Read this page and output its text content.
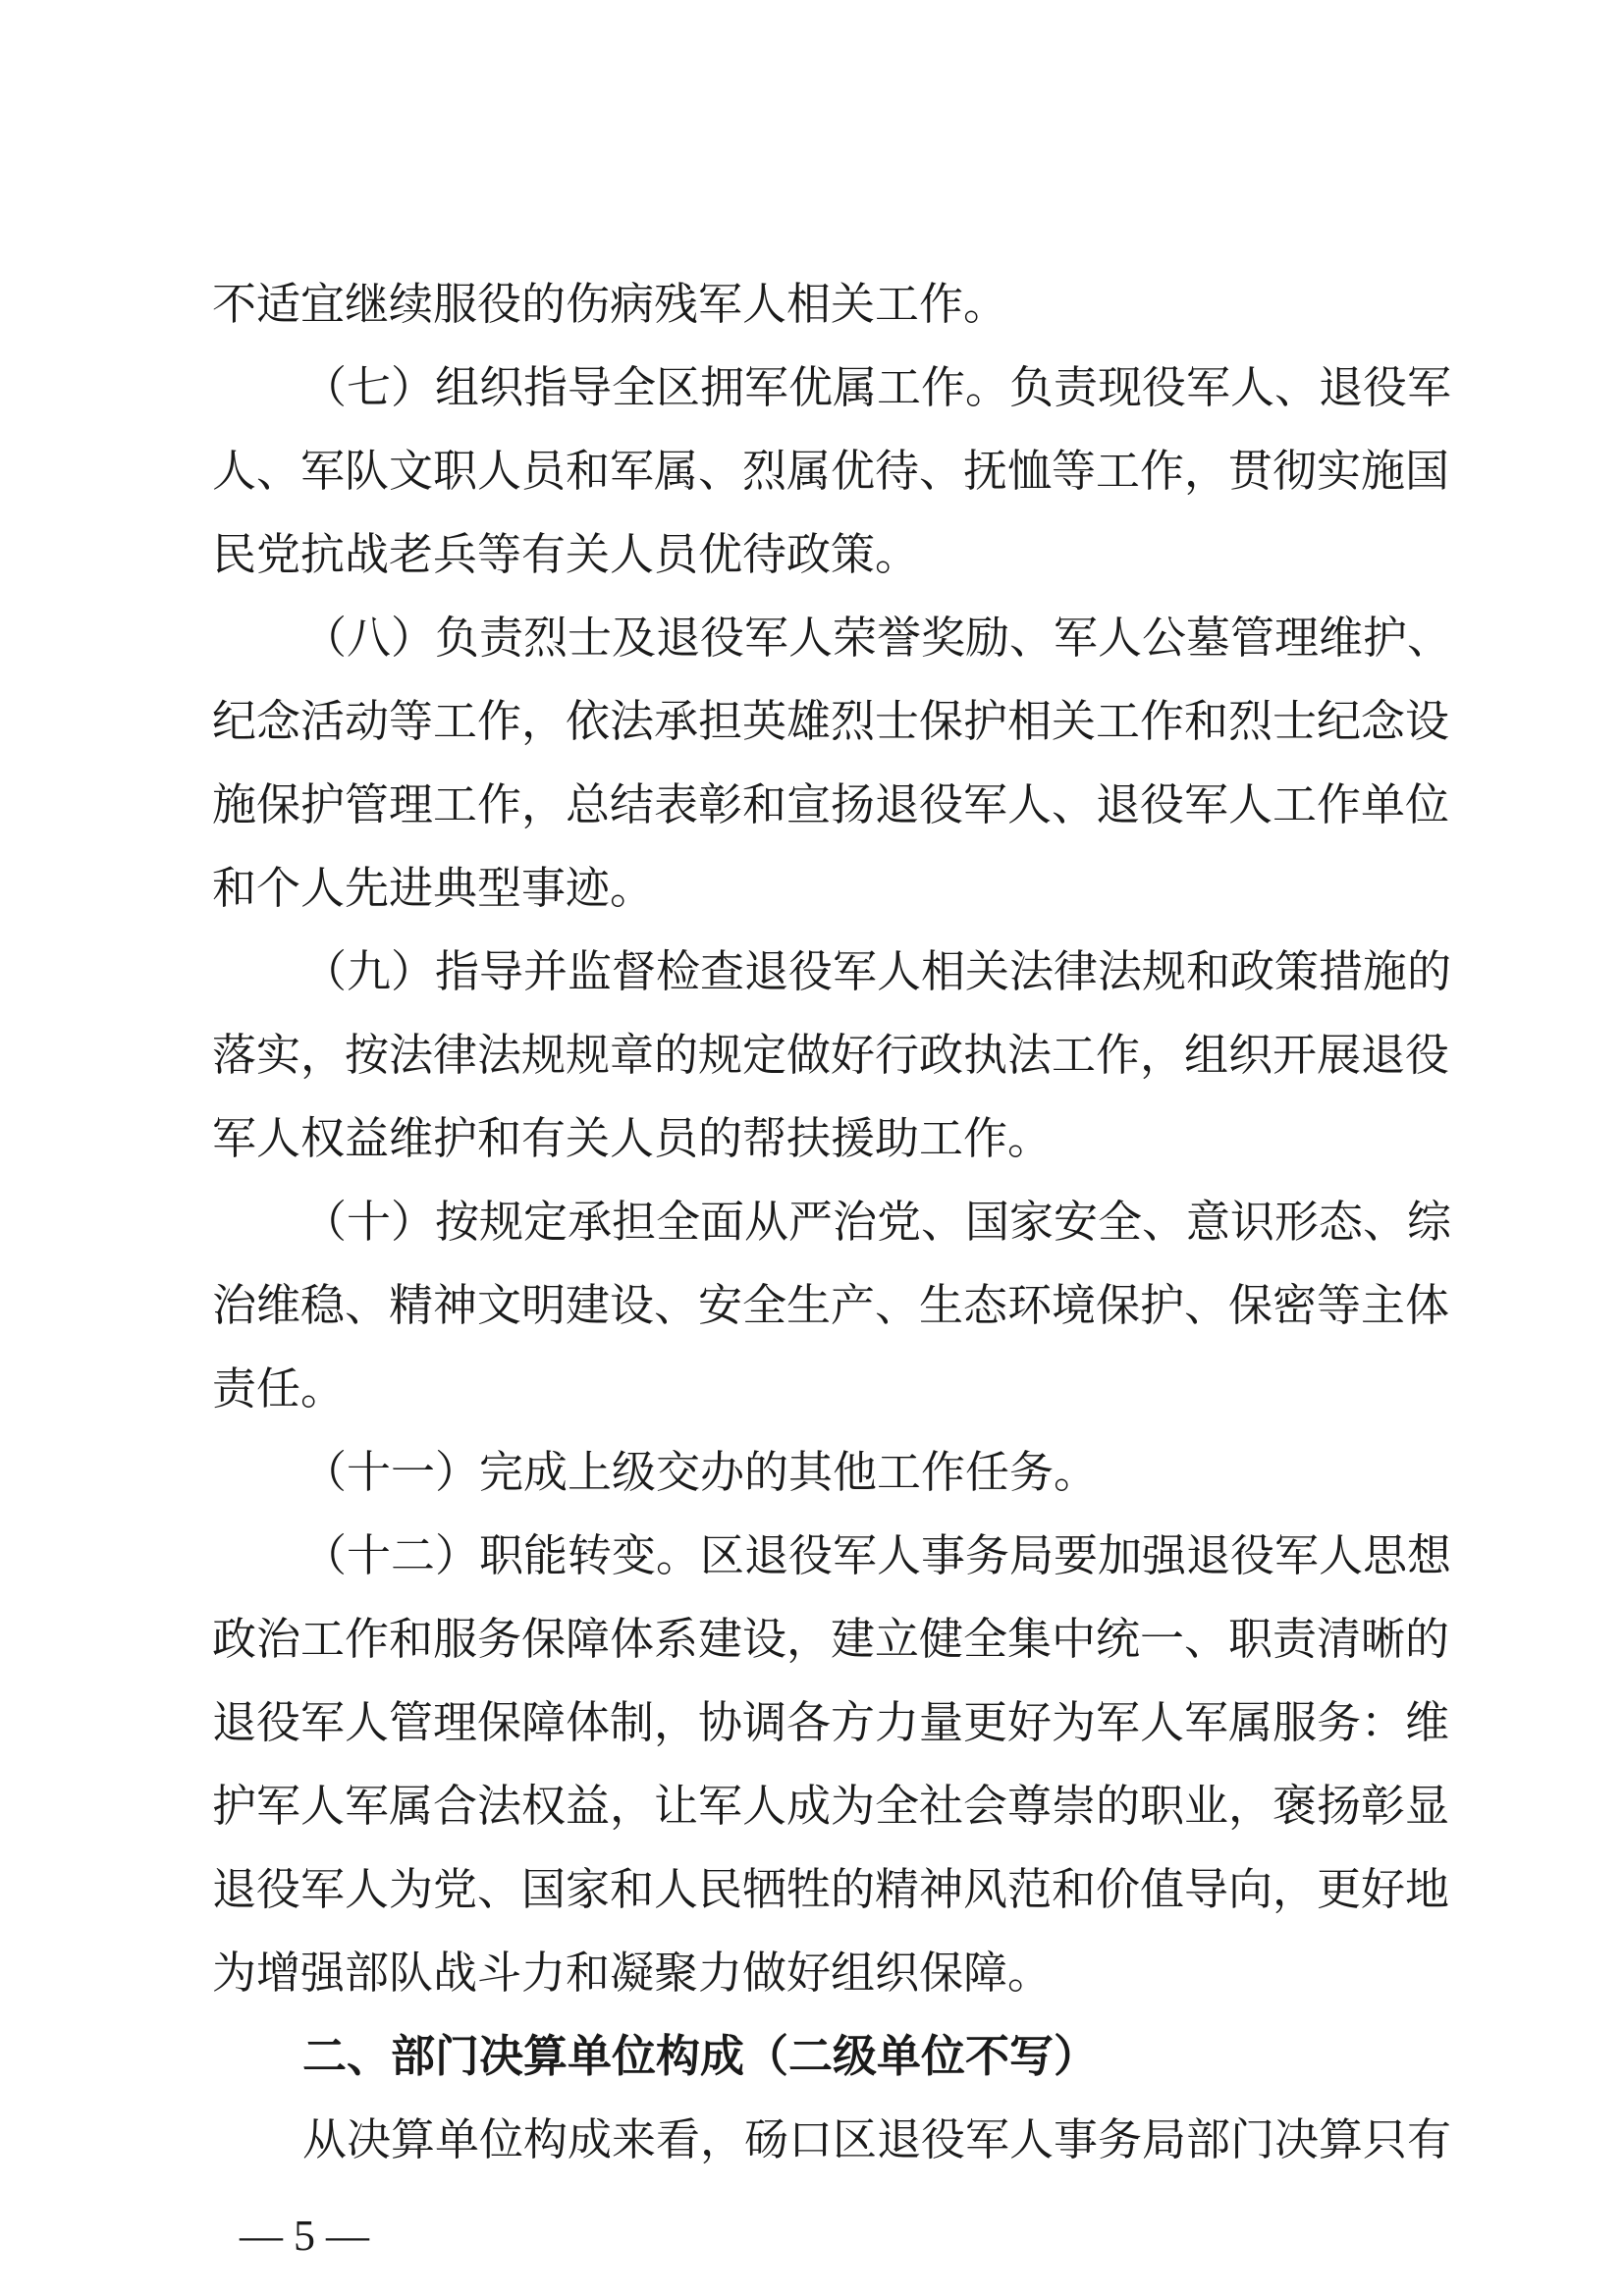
不适宜继续服役的伤病残军人相关工作。
（七）组织指导全区拥军优属工作。负责现役军人、退役军
人、军队文职人员和军属、烈属优待、抚恤等工作，贯彻实施国
民党抗战老兵等有关人员优待政策。
（八）负责烈士及退役军人荣誉奖励、军人公墓管理维护、
纪念活动等工作，依法承担英雄烈士保护相关工作和烈士纪念设
施保护管理工作，总结表彰和宣扬退役军人、退役军人工作单位
和个人先进典型事迹。
（九）指导并监督检查退役军人相关法律法规和政策措施的
落实，按法律法规规章的规定做好行政执法工作，组织开展退役
军人权益维护和有关人员的帮扶援助工作。
（十）按规定承担全面从严治党、国家安全、意识形态、综
治维稳、精神文明建设、安全生产、生态环境保护、保密等主体
责任。
（十一）完成上级交办的其他工作任务。
（十二）职能转变。区退役军人事务局要加强退役军人思想
政治工作和服务保障体系建设，建立健全集中统一、职责清晰的
退役军人管理保障体制，协调各方力量更好为军人军属服务：维
护军人军属合法权益，让军人成为全社会尊崇的职业，褒扬彰显
退役军人为党、国家和人民牺牲的精神风范和价值导向，更好地
为增强部队战斗力和凝聚力做好组织保障。
二、部门决算单位构成（二级单位不写）
从决算单位构成来看，砀口区退役军人事务局部门决算只有
— 5 —
